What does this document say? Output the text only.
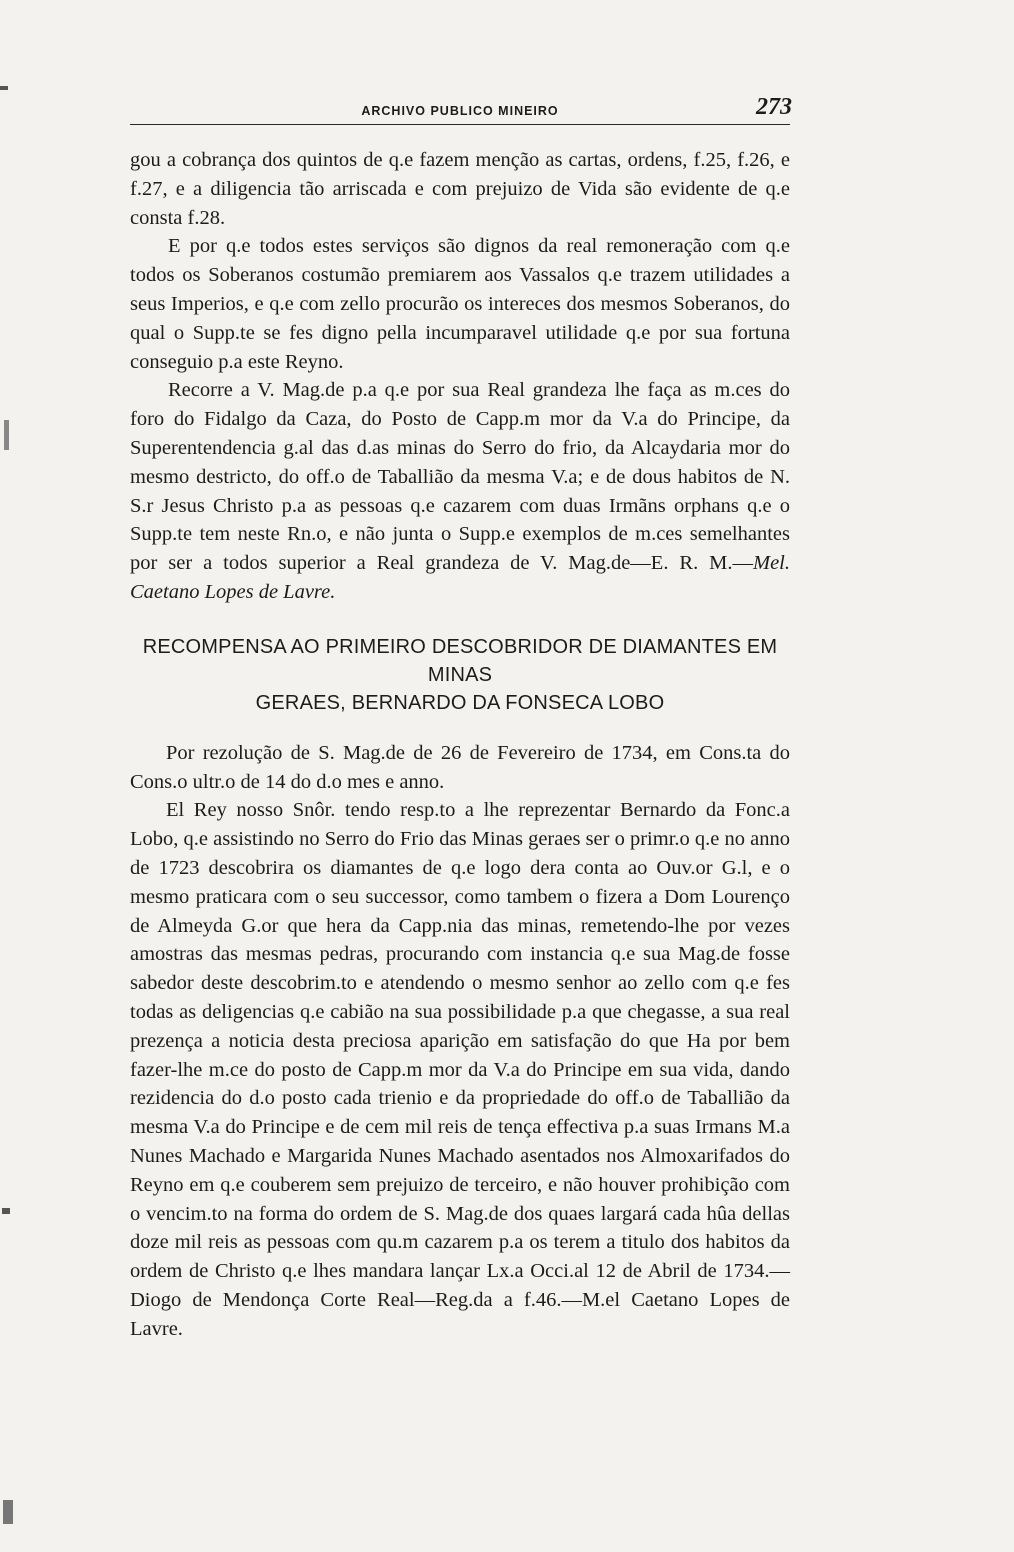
ARCHIVO PUBLICO MINEIRO	273

gou a cobrança dos quintos de q.e fazem menção as cartas, ordens, f.25, f.26, e f.27, e a diligencia tão arriscada e com prejuizo de Vida são evidente de q.e consta f.28.

E por q.e todos estes serviços são dignos da real remoneração com q.e todos os Soberanos costumão premiarem aos Vassalos q.e trazem utilidades a seus Imperios, e q.e com zello procurão os intereces dos mesmos Soberanos, do qual o Supp.te se fes digno pella incumparavel utilidade q.e por sua fortuna conseguio p.a este Reyno.

Recorre a V. Mag.de p.a q.e por sua Real grandeza lhe faça as m.ces do foro do Fidalgo da Caza, do Posto de Capp.m mor da V.a do Principe, da Superentendencia g.al das d.as minas do Serro do frio, da Alcaydaria mor do mesmo destricto, do off.o de Taballião da mesma V.a; e de dous habitos de N. S.r Jesus Christo p.a as pessoas q.e cazarem com duas Irmãns orphans q.e o Supp.te tem neste Rn.o, e não junta o Supp.e exemplos de m.ces semelhantes por ser a todos superior a Real grandeza de V. Mag.de—E. R. M.—Mel. Caetano Lopes de Lavre.

RECOMPENSA AO PRIMEIRO DESCOBRIDOR DE DIAMANTES EM MINAS
GERAES, BERNARDO DA FONSECA LOBO

Por rezolução de S. Mag.de de 26 de Fevereiro de 1734, em Cons.ta do Cons.o ultr.o de 14 do d.o mes e anno.

El Rey nosso Snôr. tendo resp.to a lhe reprezentar Bernardo da Fonc.a Lobo, q.e assistindo no Serro do Frio das Minas geraes ser o primr.o q.e no anno de 1723 descobrira os diamantes de q.e logo dera conta ao Ouv.or G.l, e o mesmo praticara com o seu successor, como tambem o fizera a Dom Lourenço de Almeyda G.or que hera da Capp.nia das minas, remetendo-lhe por vezes amostras das mesmas pedras, procurando com instancia q.e sua Mag.de fosse sabedor deste descobrim.to e atendendo o mesmo senhor ao zello com q.e fes todas as deligencias q.e cabião na sua possibilidade p.a que chegasse, a sua real prezença a noticia desta preciosa aparição em satisfação do que Ha por bem fazer-lhe m.ce do posto de Capp.m mor da V.a do Principe em sua vida, dando rezidencia do d.o posto cada trienio e da propriedade do off.o de Taballião da mesma V.a do Principe e de cem mil reis de tença effectiva p.a suas Irmans M.a Nunes Machado e Margarida Nunes Machado asentados nos Almoxarifados do Reyno em q.e couberem sem prejuizo de terceiro, e não houver prohibição com o vencim.to na forma do ordem de S. Mag.de dos quaes largará cada hûa dellas doze mil reis as pessoas com qu.m cazarem p.a os terem a titulo dos habitos da ordem de Christo q.e lhes mandara lançar Lx.a Occi.al 12 de Abril de 1734.—Diogo de Mendonça Corte Real—Reg.da a f.46.—M.el Caetano Lopes de Lavre.
